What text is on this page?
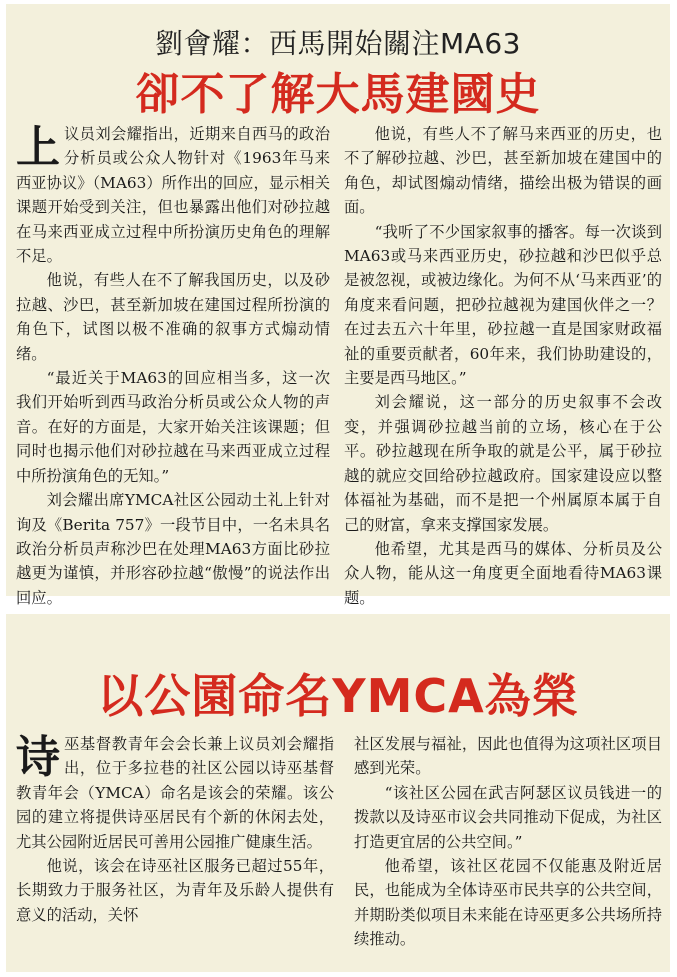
劉會耀：西馬開始關注MA63
卻不了解大馬建國史

上议员刘会耀指出，近期来自西马的政治分析员或公众人物针对《1963年马来西亚协议》（MA63）所作出的回应，显示相关课题开始受到关注，但也暴露出他们对砂拉越在马来西亚成立过程中所扮演历史角色的理解不足。

他说，有些人在不了解我国历史，以及砂拉越、沙巴，甚至新加坡在建国过程所扮演的角色下，试图以极不准确的叙事方式煽动情绪。

“最近关于MA63的回应相当多，这一次我们开始听到西马政治分析员或公众人物的声音。在好的方面是，大家开始关注该课题；但同时也揭示他们对砂拉越在马来西亚成立过程中所扮演角色的无知。”

刘会耀出席YMCA社区公园动土礼上针对询及《Berita 757》一段节目中，一名未具名政治分析员声称沙巴在处理MA63方面比砂拉越更为谨慎，并形容砂拉越“傲慢”的说法作出回应。

他说，有些人不了解马来西亚的历史，也不了解砂拉越、沙巴，甚至新加坡在建国中的角色，却试图煽动情绪，描绘出极为错误的画面。

“我听了不少国家叙事的播客。每一次谈到MA63或马来西亚历史，砂拉越和沙巴似乎总是被忽视，或被边缘化。为何不从‘马来西亚’的角度来看问题，把砂拉越视为建国伙伴之一？在过去五六十年里，砂拉越一直是国家财政福祉的重要贡献者，60年来，我们协助建设的，主要是西马地区。”

刘会耀说，这一部分的历史叙事不会改变，并强调砂拉越当前的立场，核心在于公平。砂拉越现在所争取的就是公平，属于砂拉越的就应交回给砂拉越政府。国家建设应以整体福祉为基础，而不是把一个州属原本属于自己的财富，拿来支撑国家发展。

他希望，尤其是西马的媒体、分析员及公众人物，能从这一角度更全面地看待MA63课题。

以公園命名YMCA為榮

诗巫基督教青年会会长兼上议员刘会耀指出，位于多拉巷的社区公园以诗巫基督教青年会（YMCA）命名是该会的荣耀。该公园的建立将提供诗巫居民有个新的休闲去处，尤其公园附近居民可善用公园推广健康生活。

他说，该会在诗巫社区服务已超过55年，长期致力于服务社区，为青年及乐龄人提供有意义的活动，关怀

社区发展与福祉，因此也值得为这项社区项目感到光荣。

“该社区公园在武吉阿瑟区议员钱进一的拨款以及诗巫市议会共同推动下促成，为社区打造更宜居的公共空间。”

他希望，该社区花园不仅能惠及附近居民，也能成为全体诗巫市民共享的公共空间，并期盼类似项目未来能在诗巫更多公共场所持续推动。
